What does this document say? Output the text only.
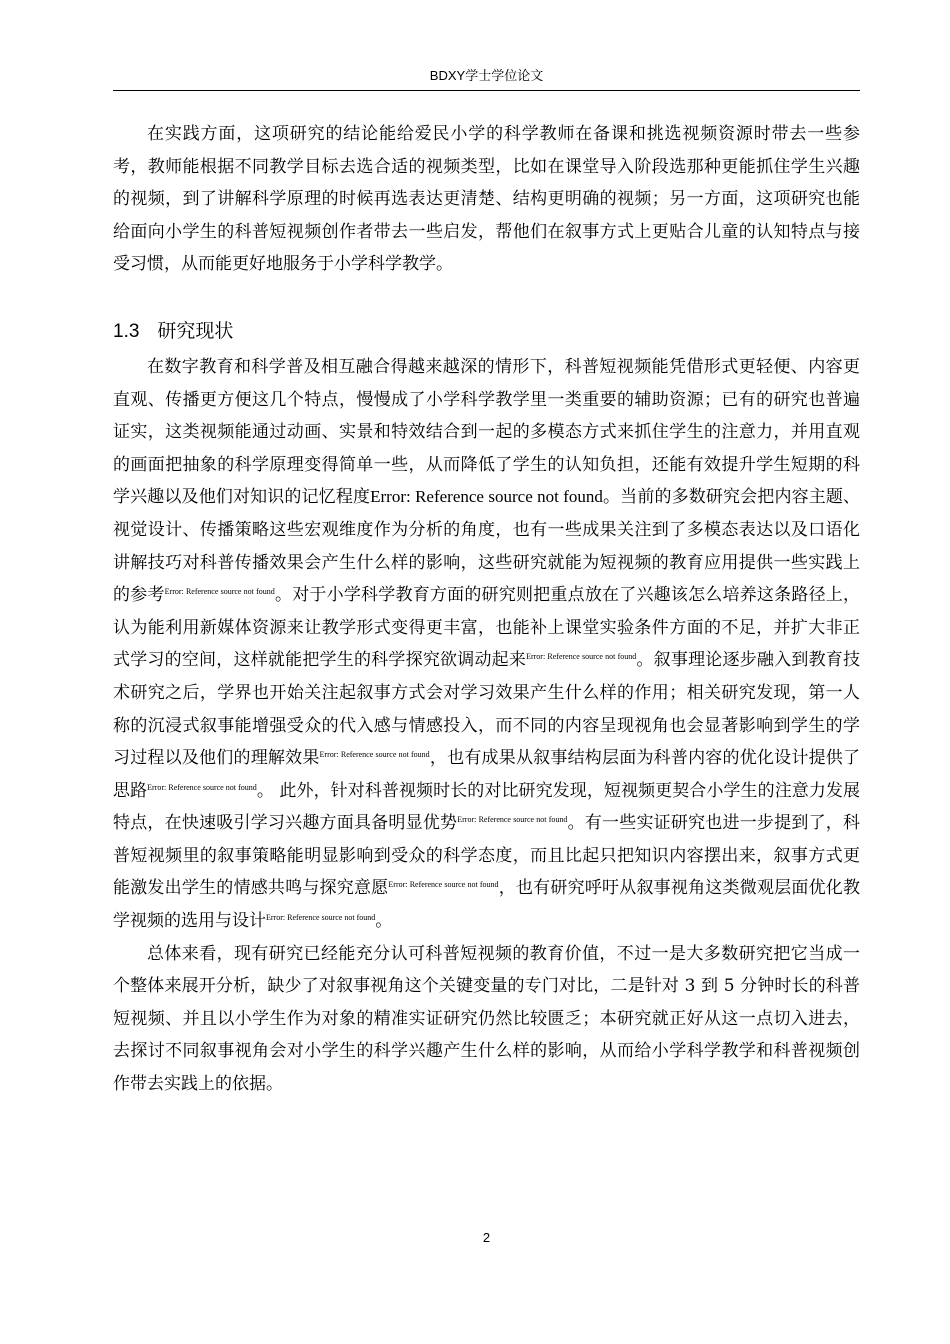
BDXY学士学位论文

在实践方面，这项研究的结论能给爱民小学的科学教师在备课和挑选视频资源时带去一些参考，教师能根据不同教学目标去选合适的视频类型，比如在课堂导入阶段选那种更能抓住学生兴趣的视频，到了讲解科学原理的时候再选表达更清楚、结构更明确的视频；另一方面，这项研究也能给面向小学生的科普短视频创作者带去一些启发，帮他们在叙事方式上更贴合儿童的认知特点与接受习惯，从而能更好地服务于小学科学教学。

1.3 研究现状

在数字教育和科学普及相互融合得越来越深的情形下，科普短视频能凭借形式更轻便、内容更直观、传播更方便这几个特点，慢慢成了小学科学教学里一类重要的辅助资源；已有的研究也普遍证实，这类视频能通过动画、实景和特效结合到一起的多模态方式来抓住学生的注意力，并用直观的画面把抽象的科学原理变得简单一些，从而降低了学生的认知负担，还能有效提升学生短期的科学兴趣以及他们对知识的记忆程度Error: Reference source not found。当前的多数研究会把内容主题、视觉设计、传播策略这些宏观维度作为分析的角度，也有一些成果关注到了多模态表达以及口语化讲解技巧对科普传播效果会产生什么样的影响，这些研究就能为短视频的教育应用提供一些实践上的参考$^{Error: Reference source not found}$。对于小学科学教育方面的研究则把重点放在了兴趣该怎么培养这条路径上，认为能利用新媒体资源来让教学形式变得更丰富，也能补上课堂实验条件方面的不足，并扩大非正式学习的空间，这样就能把学生的科学探究欲调动起来$^{Error: Reference source not found}$。叙事理论逐步融入到教育技术研究之后，学界也开始关注起叙事方式会对学习效果产生什么样的作用；相关研究发现，第一人称的沉浸式叙事能增强受众的代入感与情感投入，而不同的内容呈现视角也会显著影响到学生的学习过程以及他们的理解效果$^{Error: Reference source not found}$，也有成果从叙事结构层面为科普内容的优化设计提供了思路$^{Error: Reference source not found}$。 此外，针对科普视频时长的对比研究发现，短视频更契合小学生的注意力发展特点，在快速吸引学习兴趣方面具备明显优势$^{Error: Reference source not found}$。有一些实证研究也进一步提到了，科普短视频里的叙事策略能明显影响到受众的科学态度，而且比起只把知识内容摆出来，叙事方式更能激发出学生的情感共鸣与探究意愿$^{Error: Reference source not found}$，也有研究呼吁从叙事视角这类微观层面优化教学视频的选用与设计$^{Error: Reference source not found}$。

总体来看，现有研究已经能充分认可科普短视频的教育价值，不过一是大多数研究把它当成一个整体来展开分析，缺少了对叙事视角这个关键变量的专门对比，二是针对 3 到 5 分钟时长的科普短视频、并且以小学生作为对象的精准实证研究仍然比较匮乏；本研究就正好从这一点切入进去，去探讨不同叙事视角会对小学生的科学兴趣产生什么样的影响，从而给小学科学教学和科普视频创作带去实践上的依据。

2
